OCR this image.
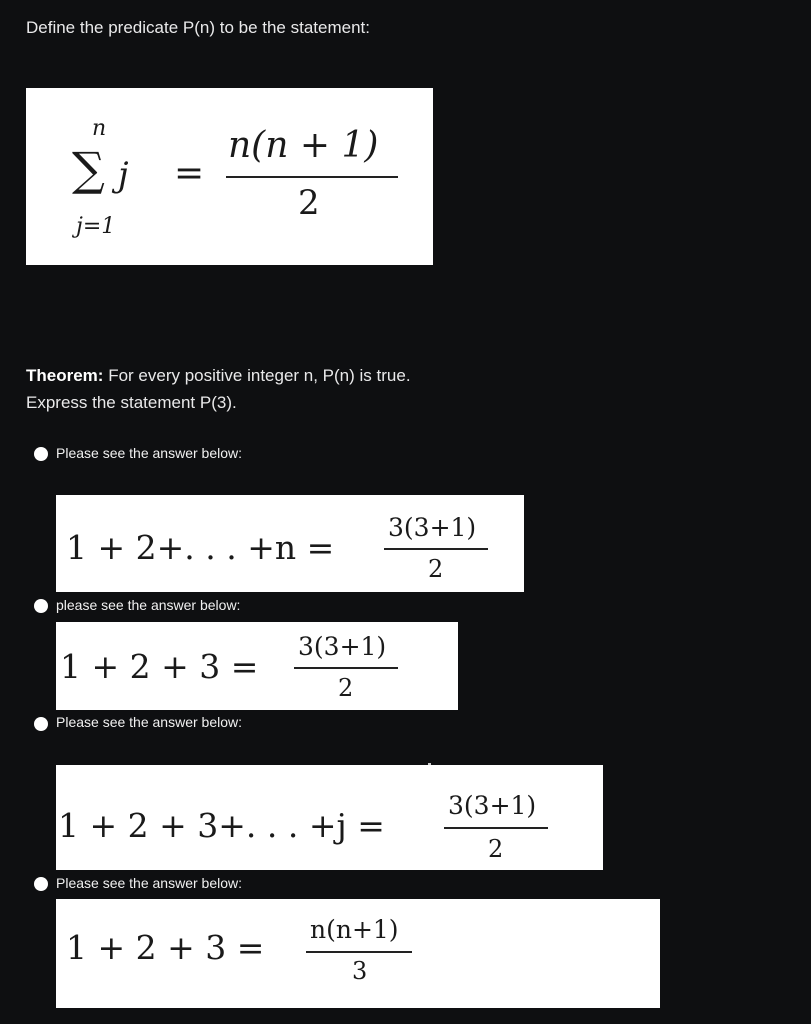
Define the predicate P(n) to be the statement:
n
∑ j =
j=1
n(n + 1)
2
Theorem: For every positive integer n, P(n) is true.
Express the statement P(3).
Please see the answer below:
1 + 2+. . . +n =
3(3+1)
2
please see the answer below:
1 + 2 + 3 =
3(3+1)
2
Please see the answer below:
1 + 2 + 3+. . . +j =
3(3+1)
2
Please see the answer below:
1 + 2 + 3 = n(n+1)
3
